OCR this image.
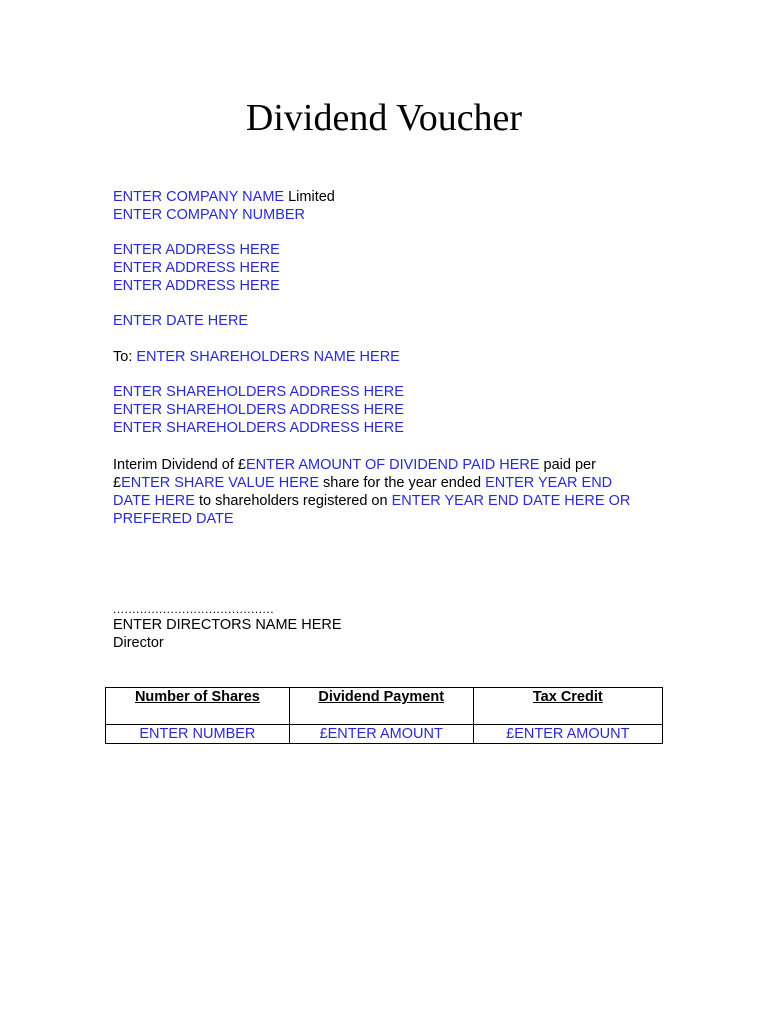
Dividend Voucher
ENTER COMPANY NAME Limited
ENTER COMPANY NUMBER
ENTER ADDRESS HERE
ENTER ADDRESS HERE
ENTER ADDRESS HERE
ENTER DATE HERE
To: ENTER SHAREHOLDERS NAME HERE
ENTER SHAREHOLDERS ADDRESS HERE
ENTER SHAREHOLDERS ADDRESS HERE
ENTER SHAREHOLDERS ADDRESS HERE
Interim Dividend of £ENTER AMOUNT OF DIVIDEND PAID HERE paid per
£ENTER SHARE VALUE HERE share for the year ended ENTER YEAR END
DATE HERE to shareholders registered on ENTER YEAR END DATE HERE OR
PREFERED DATE
..........................................
ENTER DIRECTORS NAME HERE
Director
Number of Shares	Dividend Payment	Tax Credit
ENTER NUMBER	£ENTER AMOUNT	£ENTER AMOUNT
